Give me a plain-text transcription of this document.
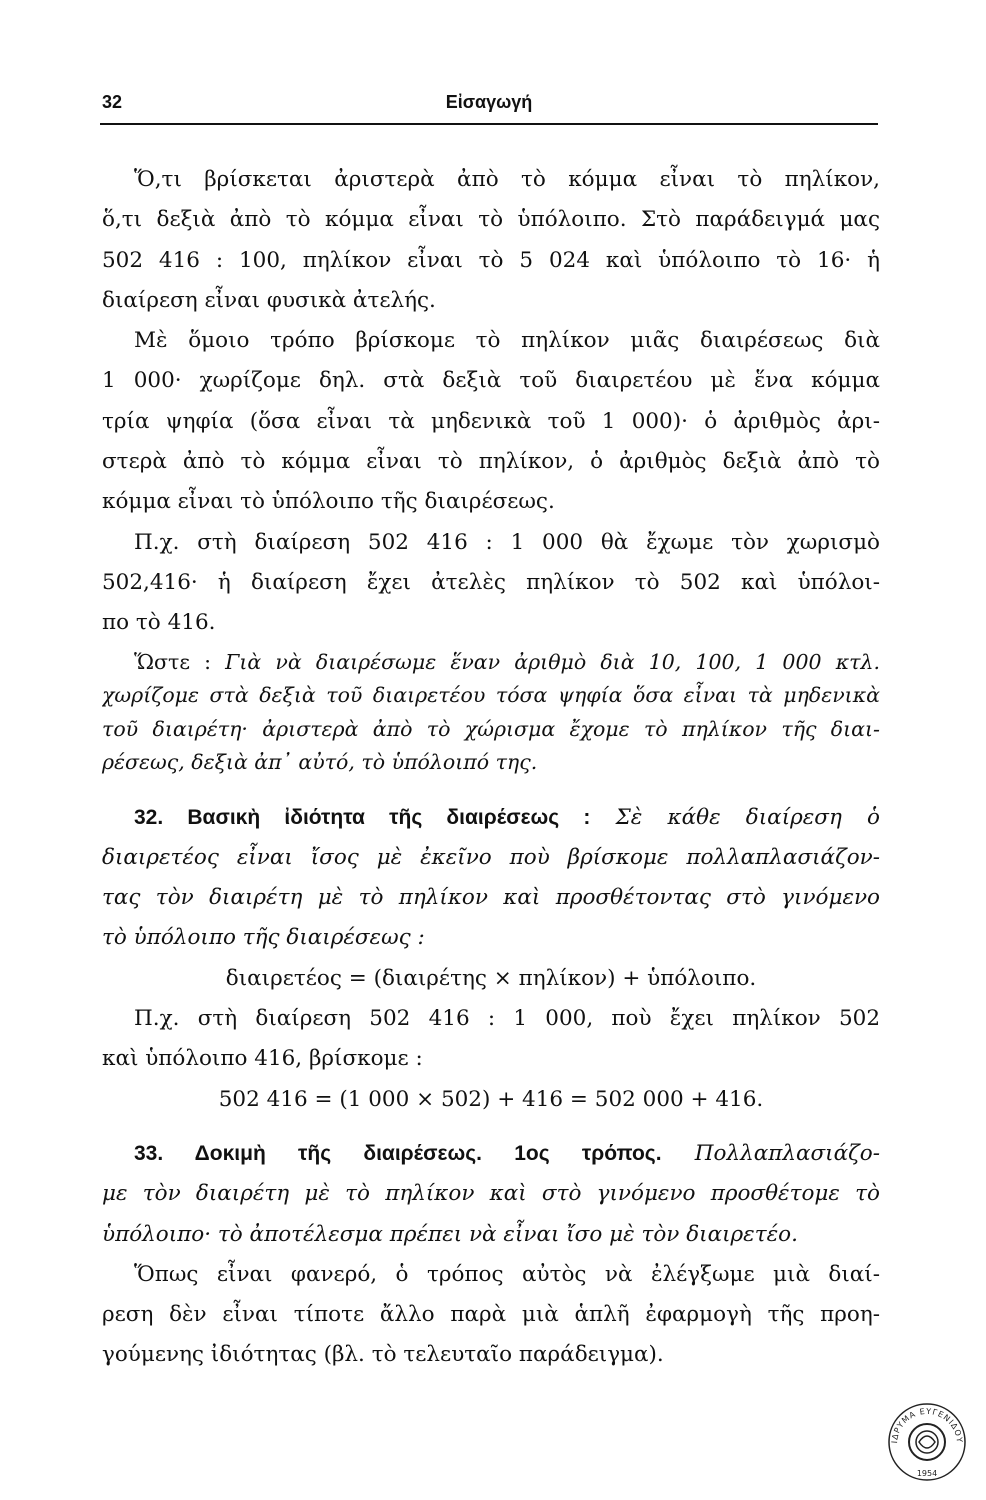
32	Εἰσαγωγή
Ὅ,τι βρίσκεται ἀριστερὰ ἀπὸ τὸ κόμμα εἶναι τὸ πηλίκον,
ὅ,τι δεξιὰ ἀπὸ τὸ κόμμα εἶναι τὸ ὑπόλοιπο. Στὸ παράδειγμά μας
502 416 : 100, πηλίκον εἶναι τὸ 5 024 καὶ ὑπόλοιπο τὸ 16· ἡ
διαίρεση εἶναι φυσικὰ ἀτελής.
Μὲ ὅμοιο τρόπο βρίσκομε τὸ πηλίκον μιᾶς διαιρέσεως διὰ
1 000· χωρίζομε δηλ. στὰ δεξιὰ τοῦ διαιρετέου μὲ ἕνα κόμμα
τρία ψηφία (ὅσα εἶναι τὰ μηδενικὰ τοῦ 1 000)· ὁ ἀριθμὸς ἀρι-
στερὰ ἀπὸ τὸ κόμμα εἶναι τὸ πηλίκον, ὁ ἀριθμὸς δεξιὰ ἀπὸ τὸ
κόμμα εἶναι τὸ ὑπόλοιπο τῆς διαιρέσεως.
Π.χ. στὴ διαίρεση 502 416 : 1 000 θὰ ἔχωμε τὸν χωρισμὸ
502,416· ἡ διαίρεση ἔχει ἀτελὲς πηλίκον τὸ 502 καὶ ὑπόλοι-
πο τὸ 416.
Ὥστε : Γιὰ νὰ διαιρέσωμε ἕναν ἀριθμὸ διὰ 10, 100, 1 000 κτλ.
χωρίζομε στὰ δεξιὰ τοῦ διαιρετέου τόσα ψηφία ὅσα εἶναι τὰ μηδενικὰ
τοῦ διαιρέτη· ἀριστερὰ ἀπὸ τὸ χώρισμα ἔχομε τὸ πηλίκον τῆς διαι-
ρέσεως, δεξιὰ ἀπ᾽ αὐτό, τὸ ὑπόλοιπό της.
32. Βασικὴ ἰδιότητα τῆς διαιρέσεως : Σὲ κάθε διαίρεση ὁ
διαιρετέος εἶναι ἴσος μὲ ἐκεῖνο ποὺ βρίσκομε πολλαπλασιάζον-
τας τὸν διαιρέτη μὲ τὸ πηλίκον καὶ προσθέτοντας στὸ γινόμενο
τὸ ὑπόλοιπο τῆς διαιρέσεως :
διαιρετέος = (διαιρέτης × πηλίκον) + ὑπόλοιπο.
Π.χ. στὴ διαίρεση 502 416 : 1 000, ποὺ ἔχει πηλίκον 502
καὶ ὑπόλοιπο 416, βρίσκομε :
502 416 = (1 000 × 502) + 416 = 502 000 + 416.
33. Δοκιμὴ τῆς διαιρέσεως. 1ος τρόπος. Πολλαπλασιάζο-
με τὸν διαιρέτη μὲ τὸ πηλίκον καὶ στὸ γινόμενο προσθέτομε τὸ
ὑπόλοιπο· τὸ ἀποτέλεσμα πρέπει νὰ εἶναι ἴσο μὲ τὸν διαιρετέο.
Ὅπως εἶναι φανερό, ὁ τρόπος αὐτὸς νὰ ἐλέγξωμε μιὰ διαί-
ρεση δὲν εἶναι τίποτε ἄλλο παρὰ μιὰ ἁπλῆ ἐφαρμογὴ τῆς προη-
γούμενης ἰδιότητας (βλ. τὸ τελευταῖο παράδειγμα).
ΙΔΡΥΜΑ ΕΥΓΕΝΙΔΟΥ
1954
